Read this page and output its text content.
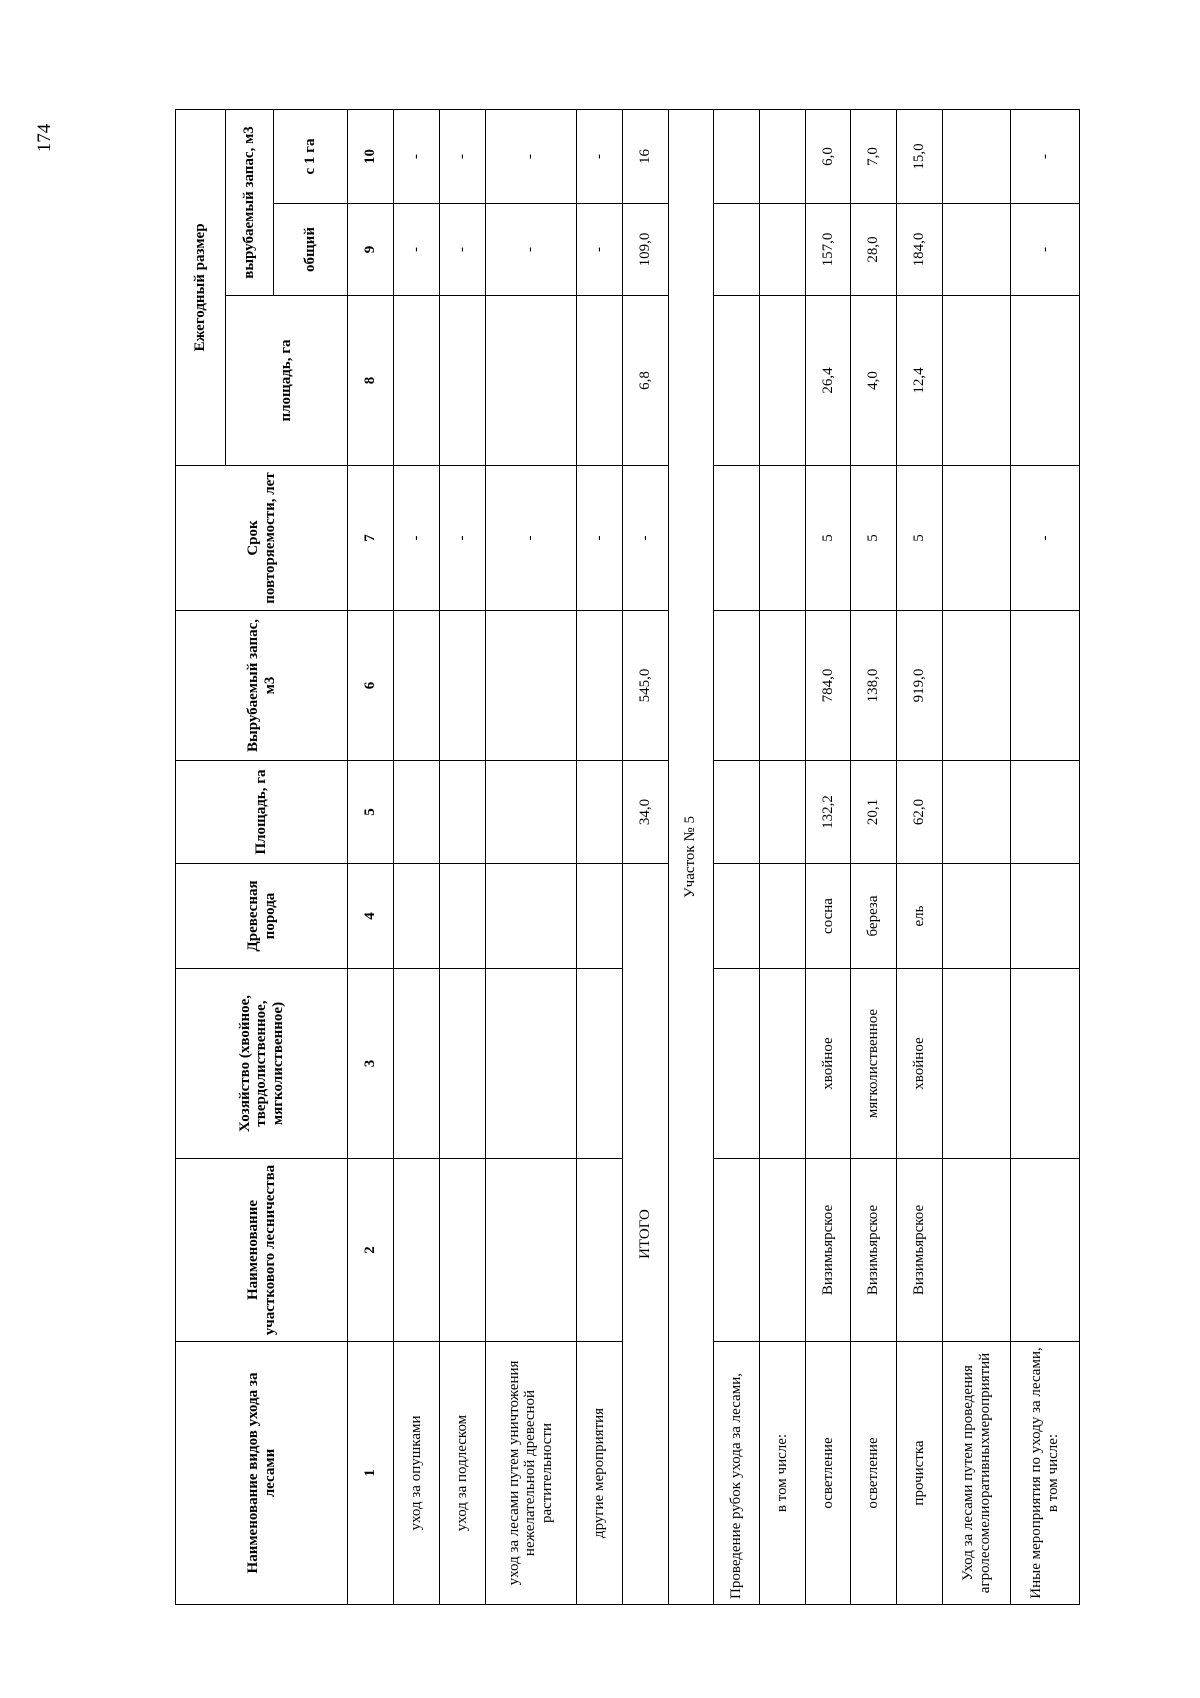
174
Наименование видов ухода за лесами	Наименование участкового лесничества	Хозяйство (хвойное, твердолиственное, мягколиственное)	Древесная порода	Площадь, га	Вырубаемый запас, м3	Срок повторяемости, лет	Ежегодный размер		
							площадь, га	вырубаемый запас, м3	
								общий	с 1 га
1	2	3	4	5	6	7	8	9	10
уход за опушками						-		-	-
уход за подлеском						-		-	-
уход за лесами путем уничтожения нежелательной древесной растительности						-		-	-
другие мероприятия						-		-	-
ИТОГО				34,0	545,0	-	6,8	109,0	16
Участок № 5									
Проведение рубок ухода за лесами,									
в том числе:									
осветление	Визимьярское	хвойное	сосна	132,2	784,0	5	26,4	157,0	6,0
осветление	Визимьярское	мягколиственное	береза	20,1	138,0	5	4,0	28,0	7,0
прочистка	Визимьярское	хвойное	ель	62,0	919,0	5	12,4	184,0	15,0
Уход за лесами путем проведения агролесомелиоративныхмероприятий									
Иные мероприятия по уходу за лесами, в том числе:						-		-	-
